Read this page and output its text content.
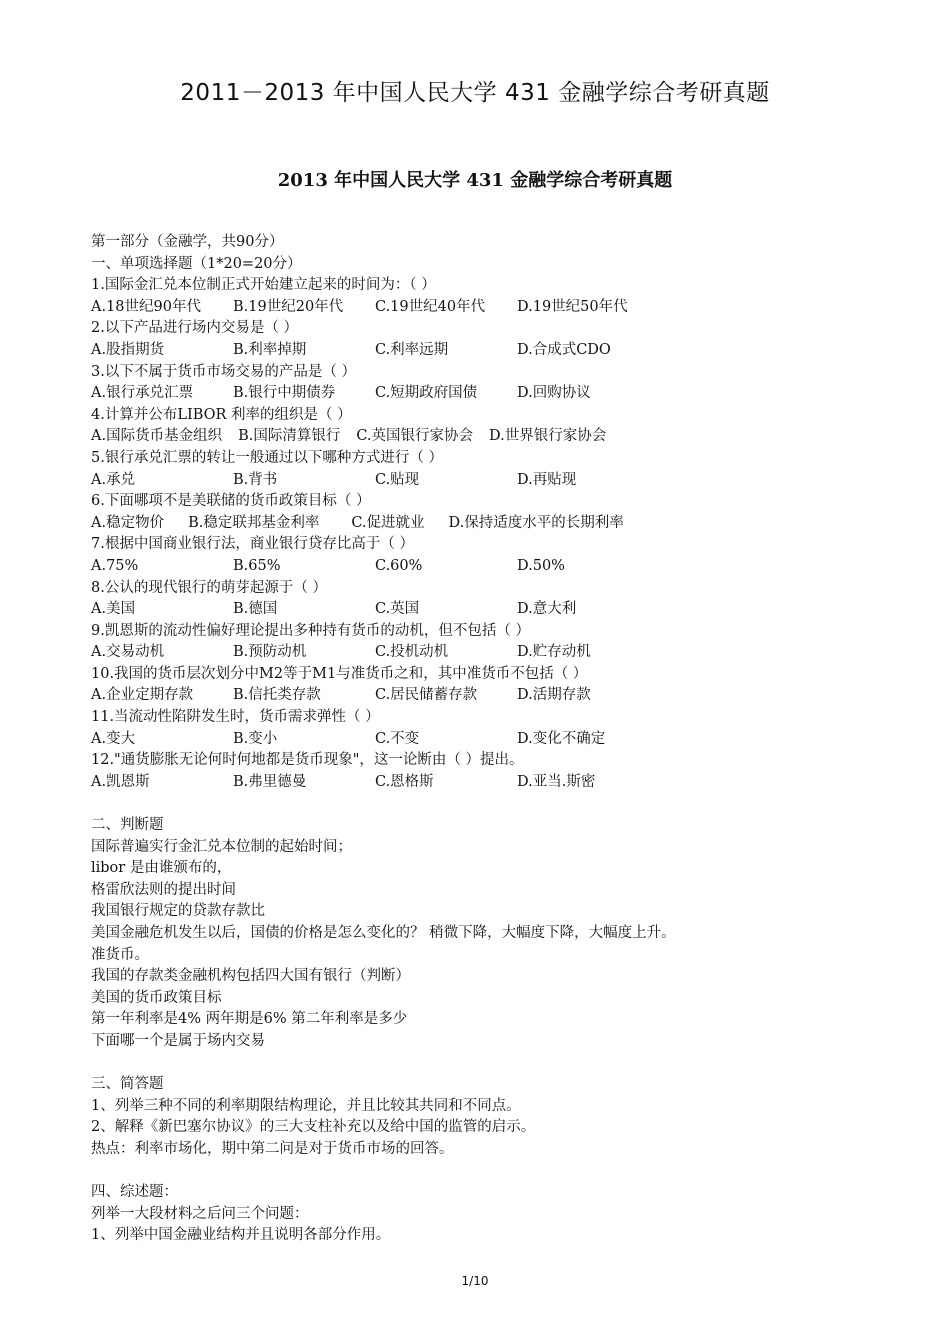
2011－2013 年中国人民大学 431 金融学综合考研真题
2013 年中国人民大学 431 金融学综合考研真题
第一部分（金融学，共90分）
一、单项选择题（1*20=20分）
1.国际金汇兑本位制正式开始建立起来的时间为：（ ）
A.18世纪90年代 B.19世纪20年代 C.19世纪40年代 D.19世纪50年代
2.以下产品进行场内交易是（ ）
A.股指期货	B.利率掉期	C.利率远期	D.合成式CDO
3.以下不属于货币市场交易的产品是（ ）
A.银行承兑汇票	B.银行中期债券	C.短期政府国债	D.回购协议
4.计算并公布LIBOR 利率的组织是（ ）
A.国际货币基金组织 B.国际清算银行 C.英国银行家协会 D.世界银行家协会
5.银行承兑汇票的转让一般通过以下哪种方式进行（ ）
A.承兑	B.背书	C.贴现	D.再贴现
6.下面哪项不是美联储的货币政策目标（ ）
A.稳定物价 B.稳定联邦基金利率 C.促进就业 D.保持适度水平的长期利率
7.根据中国商业银行法，商业银行贷存比高于（ ）
A.75%	B.65%	C.60%	D.50%
8.公认的现代银行的萌芽起源于（ ）
A.美国	B.德国	C.英国	D.意大利
9.凯恩斯的流动性偏好理论提出多种持有货币的动机，但不包括（ ）
A.交易动机	B.预防动机	C.投机动机	D.贮存动机
10.我国的货币层次划分中M2等于M1与准货币之和，其中准货币不包括（ ）
A.企业定期存款	B.信托类存款	C.居民储蓄存款	D.活期存款
11.当流动性陷阱发生时，货币需求弹性（ ）
A.变大	B.变小	C.不变	D.变化不确定
12."通货膨胀无论何时何地都是货币现象"，这一论断由（ ）提出。
A.凯恩斯	B.弗里德曼	C.恩格斯	D.亚当.斯密
二、判断题
国际普遍实行金汇兑本位制的起始时间；
libor 是由谁颁布的，
格雷欣法则的提出时间
我国银行规定的贷款存款比
美国金融危机发生以后，国债的价格是怎么变化的？ 稍微下降，大幅度下降，大幅度上升。
准货币。
我国的存款类金融机构包括四大国有银行（判断）
美国的货币政策目标
第一年利率是4% 两年期是6% 第二年利率是多少
下面哪一个是属于场内交易
三、简答题
1、列举三种不同的利率期限结构理论，并且比较其共同和不同点。
2、解释《新巴塞尔协议》的三大支柱补充以及给中国的监管的启示。
热点：利率市场化，期中第二问是对于货币市场的回答。
四、综述题：
列举一大段材料之后问三个问题：
1、列举中国金融业结构并且说明各部分作用。
1/10
